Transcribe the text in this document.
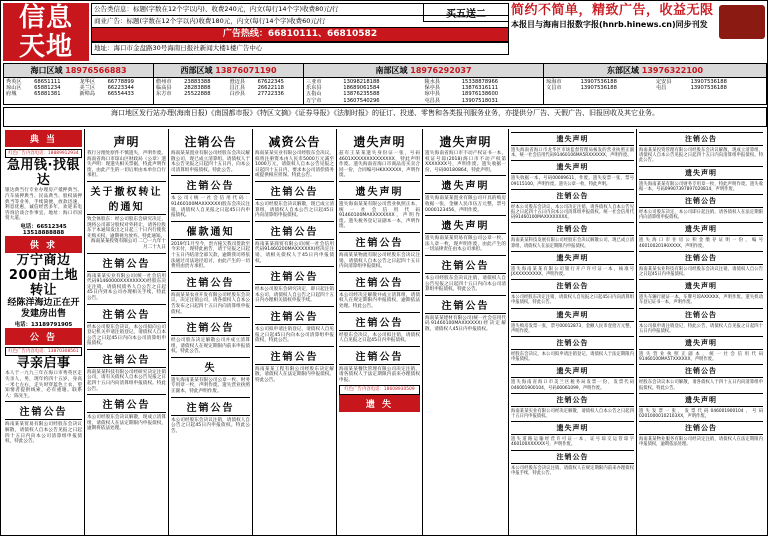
信息
天地
公告类信息：标题(字数在12个字以内)、收费240元，内文(每行14个字)收费80元/行
商业广告：标题(字数在12个字以内)收费180元，内文(每行14个字)收费60元/行
广告热线：66810111、66810582
地址：海口市金盘路30号海南日报社新闻大楼1楼广告中心
买五送二	简约不简单，精致广告，收益无限
本报目与海南日报数字报(hnrb.hinews.cn)同步刊发
海口区域 18976566883
秀英区	68651111	龙华区	66778899
琼山区	65881234	美兰区	66223344
府城	65881381	新埠岛	66554433
西部区域 13876071190
儋州市	23883388	澄迈县	67622345
临高县	28283888	昌江县	26622118
东方市	25522888	白沙县	27722336
南部区域 18976292037
三亚市	13098218188	陵水县	15338878966
乐东县	18689061584	保亭县	13876316111
五指山	13876235588	琼中县	18976138600
万宁市	13607540296	屯昌县	13907518031
东部区域 13976322100
琼海市	13907536188	定安县	13907536188
文昌市	13907536188	屯昌	13907536188
海口地区发行站办理(海南日报)《南国都市报》《特区文摘》《证券导报》《法制时报》的征订、投递、零售和各类报刊服务业务，亦提供分厂告、天假广告、旧报回收及其它业务。
典 当
红色广告内容电话：18889912934
急用钱·找银达
银达典当行专业办理房产抵押典当、汽车质押典当、民品典当、股权质押典当等业务，手续简便，放款迅速，利息优惠，诚信经营多年，欢迎来电咨询洽谈合作事宜。地址：海口市国贸大道。
电话：66512345 13518888888
供 求
万宁商边200亩土地转让
经陈洋海边正在开发建房出售
电话：13189791905
公 告
红色广告内容电话：13870308561
寻亲启事
本人于一九九三年在海口市秀英区走失亲人，男，现年约四十五岁，身高一米七左右，走失时穿蓝色上衣，望知情者提供线索，必有重谢。联系人：陈先生。
注销公告
海南某某贸易有限公司经股东会决议解散，请债权人自本公告见报之日起四十五日内向本公司清算组申报债权，特此公告。
声明
我行分理处原件不慎遗失，声明作废。海南省海口市琼山区财政局（公章）遗失声明：现遗失相关票据，特此声明作废，由此产生的一切后果由本单位自行承担。
关于撤权转让的通知
致全体股东：经公司股东会研究决定，现将公司部分股权对外转让，请各位股东于本通知发出之日起三十日内行使优先购买权，逾期视为放弃。特此通知。
海南某某投资有限公司 二〇一九年十月二十九日
注销公告
海南某某实业有限公司(统一社会信用代码91460000XXXXXXXX)经股东决定注销，请债权债务人自公告之日起45日内到本公司办理相关手续，特此公告。
注销公告
经本公司股东会决议，本公司拟向公司登记机关申请注销登记，请债权人自本公告之日起45日内向本公司清算组申报债权。
注销公告
海南某某科技有限公司经研究决定注销公司，请有关债权人自本公告见报之日起四十五日内向清算组申报债权。特此公告。
注销公告
本公司经股东会决议解散，现成立清算组，请债权人在法定期限内申报债权，逾期将依法处理。
注销公告
海南某某置业有限公司经股东会决议解散公司，现已成立清算组。请债权人于本公告见报之日起四十五日内，向本公司清算组申报债权。特此公告。
注销公告
本公司(统一社会信用代码：91460100MAXXXXXX)股东会决议注销，请债权人自见报之日起45日内申报债权。
催款通知
2019年1月至今，贵方拖欠我司货款至今未付，现特此函告，请于见报之日起十五日内结清全部欠款，逾期我司将依法通过司法途径追讨，由此产生的一切费用由贵方承担。
注销公告
海南某某农业开发有限公司经股东会决议，决定注销公司，请各债权人自本公告发布之日起四十五日内向清算组申报债权。
注销公告
经公司股东决定解散公司并成立清算组，请债权人在规定期限内前来申报债权。特此公告。
失
遗失海南某某有限公司公章一枚、财务专用章一枚，声明作废。遗失营业执照正副本，特此声明作废。
注销公告
本公司经股东会决议注销，请债权人自公告之日起45日内申报债权。特此公告。
减资公告
海南某某实业有限公司经股东会决议，拟将注册资本由人民币5000万元减至1000万元，请债权人自本公告见报之日起四十五日内，要求本公司清偿债务或提供相应担保。特此公告。
注销公告
本公司经股东会决议解散，现已成立清算组，请债权人自本公告之日起45日内向清算组申报债权。
注销公告
海南某某商贸有限公司(统一社会信用代码91460200MAXXXXXX)经决定注销，请相关债权人于45日内申报债权。
注销公告
经本公司股东会研究决定，即日起注销本公司，请债权人自公告之日起四十五日内办理相关债权申报手续。
注销公告
本公司拟申请注销登记，请债权人自见报之日起45日内向本公司清算组申报债权，特此公告。
注销公告
海南某某工程有限公司经股东决定解散，请债权人在法定期限内申报债权。特此公告。
遗失声明
兹有王某某遗失身份证一张，号码4601XXXXXXXXXXXXXX，特此声明作废。遗失海南省海口市商品房买卖合同一份，合同编号HKXXXXXX，声明作废。
遗失声明
遗失海南某某有限公司营业执照正本，统一社会信用代码91460100MAXXXXXXXX，声明作废。遗失税务登记证副本一本，声明作废。
注销公告
海南某某物流有限公司经股东会决议注销，请债权人自本公告之日起四十五日内向清算组申报债权。
注销公告
本公司经决定解散并成立清算组，请债权人在规定期限内申报债权，逾期依法处理。特此公告。
注销公告
经股东会决议，本公司拟注销，请债权人自见报之日起45日内申报债权。
注销公告
海南某某餐饮管理有限公司决定注销，请各债权人于法定期限内前来办理债权申报。
红色广告内容电话：18608930509
遗 失
遗失声明
遗失海南省海口市不动产权证书一本，权证号琼(2018)海口市不动产权第XXXXXXX号，声明作废。遗失收据一份，号码00180864，特此声明。
遗失声明
遗失海南某某置业有限公司开具的购房收据一张，金额人民币伍万元整，票号0000123456，声明作废。
遗失声明
遗失海南某某贸易有限公司公章一枚、法人章一枚，现声明作废，由此产生的一切法律责任由本公司承担。
注销公告
本公司经股东会决议注销，请债权人自公告见报之日起四十五日内向本公司清算组申报债权。特此公告。
注销公告
海南某某建材有限公司(统一社会信用代码91460100MAXXXXXX)经决定解散，请债权人45日内申报债权。
遗失声明
遗失海南省海口市龙华区市场监督管理局核发的营业执照正副本，统一社会信用代码91460106MA5RXXXXXX，声明作废。
遗失声明
遗失收据一本，号码00009611，作废。遗失发票一张，票号09115100，声明作废。遗失公章一枚，特此声明。
注销公告
经本公司股东会决议，本公司决定注销，请各债权人自本公告见报之日起四十五日内向本公司清算组申报债权。统一社会信用代码91460100MAXXXXXXXX。
注销公告
海南某某科技发展有限公司经股东会决议解散公司，现已成立清算组，请债权人在法定期限内申报债权。
遗失声明
遗失海南某某有限公司银行开户许可证一本，核准号JXXXXXXXXXX，声明作废。
注销公告
本公司经股东决定注销，请债权人自见报之日起45日内向清算组申报债权，特此公告。
遗失声明
遗失购房发票一张，票号00012873，金额人民币壹拾万元整，声明作废。
注销公告
经股东会决议，本公司拟申请注销登记，请债权人于法定期限内申报债权。
遗失声明
遗失海南省海口市美兰区税务局发票一份，发票代码046001900104，号码00061099，声明作废。
注销公告
海南某某实业有限公司经决定解散，请债权人自本公告之日起四十五日内申报债权。
遗失声明
遗失道路运输经营许可证一本，证号琼交运管琼字460100XXXXXX号，声明作废。
注销公告
本公司经股东会决议注销，请债权人在规定期限内前来办理债权申报手续，特此公告。
注销公告
海南某某投资管理有限公司经股东会决议解散，现成立清算组，请债权人自本公告见报之日起四十五日内向清算组申报债权。特此公告。
遗失声明
遗失海南某某有限公司财务专用章一枚，特此声明作废。遗失收据一本，号码09907397897020814，声明作废。
注销公告
经本公司股东决定，本公司即日起注销，请各债权人在法定期限内向清算组申报债权。
遗失声明
遗失海口市住房公积金缴存证明一份，编号46010020190XXXX，声明作废。
注销公告
海南某某农业科技有限公司经股东会决议注销，请债权人自公告之日起45日内申报债权。
遗失声明
遗失车辆行驶证一本，车牌号琼AXXXXX，声明作废。遗失机动车登记证书一本，声明作废。
注销公告
本公司拟申请注销登记，特此公告，请债权人自见报之日起四十五日内申报债权。
遗失声明
遗失营业执照正副本，统一社会信用代码91460100MA5TXXXXXX，声明作废。
注销公告
经股东会决议本公司解散，请各债权人于四十五日内向清算组申报债权。特此公告。
遗失声明
遗失发票一张，发票代码046001900104，号码02010000102103XX，声明作废。
注销公告
海南某某物业服务有限公司经决定注销，请债权人在法定期限内申报债权，逾期依法处理。
